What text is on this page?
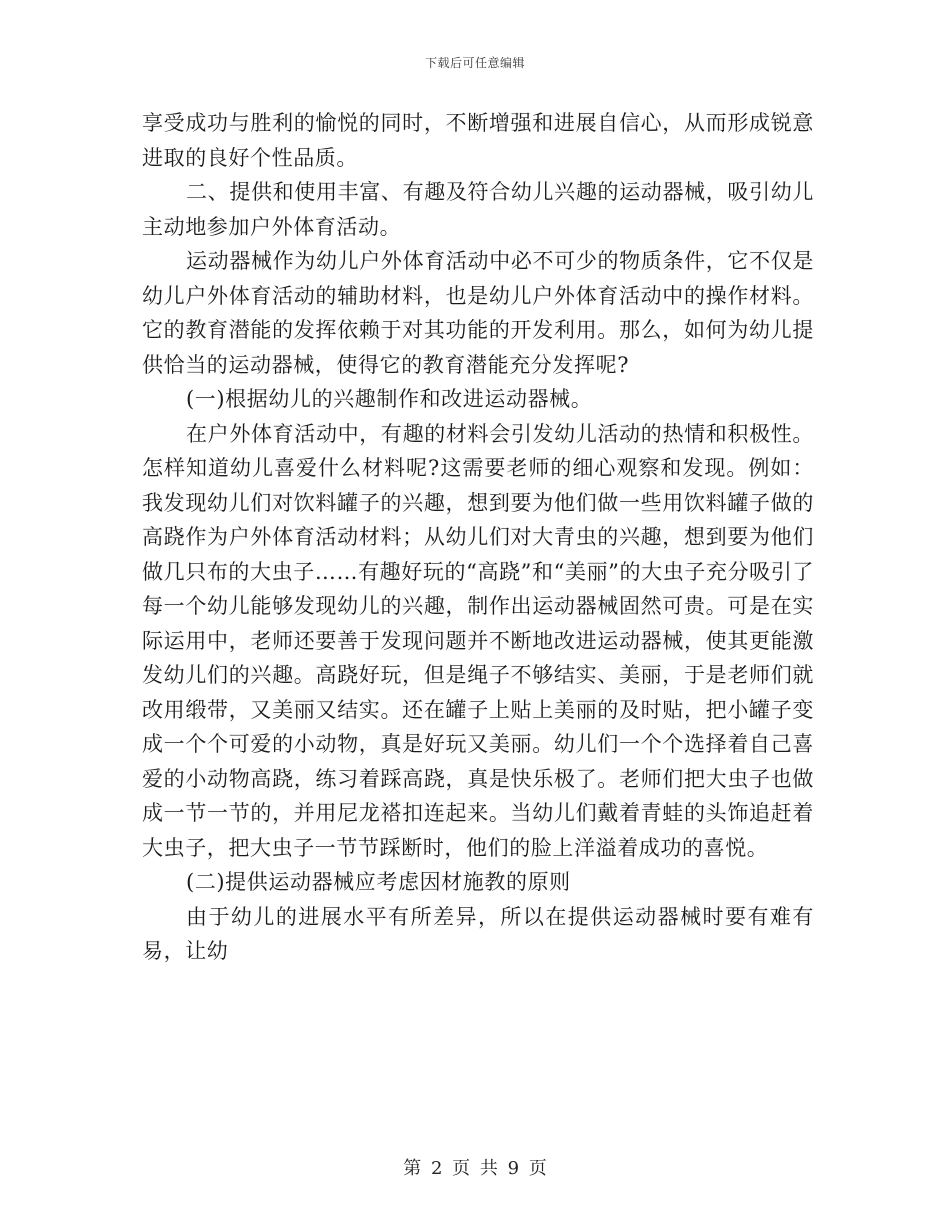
下载后可任意编辑

享受成功与胜利的愉悦的同时，不断增强和进展自信心，从而形成锐意进取的良好个性品质。

二、提供和使用丰富、有趣及符合幼儿兴趣的运动器械，吸引幼儿主动地参加户外体育活动。

运动器械作为幼儿户外体育活动中必不可少的物质条件，它不仅是幼儿户外体育活动的辅助材料，也是幼儿户外体育活动中的操作材料。它的教育潜能的发挥依赖于对其功能的开发利用。那么，如何为幼儿提供恰当的运动器械，使得它的教育潜能充分发挥呢?

(一)根据幼儿的兴趣制作和改进运动器械。

在户外体育活动中，有趣的材料会引发幼儿活动的热情和积极性。怎样知道幼儿喜爱什么材料呢?这需要老师的细心观察和发现。例如：我发现幼儿们对饮料罐子的兴趣，想到要为他们做一些用饮料罐子做的高跷作为户外体育活动材料；从幼儿们对大青虫的兴趣，想到要为他们做几只布的大虫子……有趣好玩的“高跷”和“美丽”的大虫子充分吸引了每一个幼儿能够发现幼儿的兴趣，制作出运动器械固然可贵。可是在实际运用中，老师还要善于发现问题并不断地改进运动器械，使其更能激发幼儿们的兴趣。高跷好玩，但是绳子不够结实、美丽，于是老师们就改用缎带，又美丽又结实。还在罐子上贴上美丽的及时贴，把小罐子变成一个个可爱的小动物，真是好玩又美丽。幼儿们一个个选择着自己喜爱的小动物高跷，练习着踩高跷，真是快乐极了。老师们把大虫子也做成一节一节的，并用尼龙褡扣连起来。当幼儿们戴着青蛙的头饰追赶着大虫子，把大虫子一节节踩断时，他们的脸上洋溢着成功的喜悦。

(二)提供运动器械应考虑因材施教的原则

由于幼儿的进展水平有所差异，所以在提供运动器械时要有难有易，让幼

第 2 页 共 9 页
